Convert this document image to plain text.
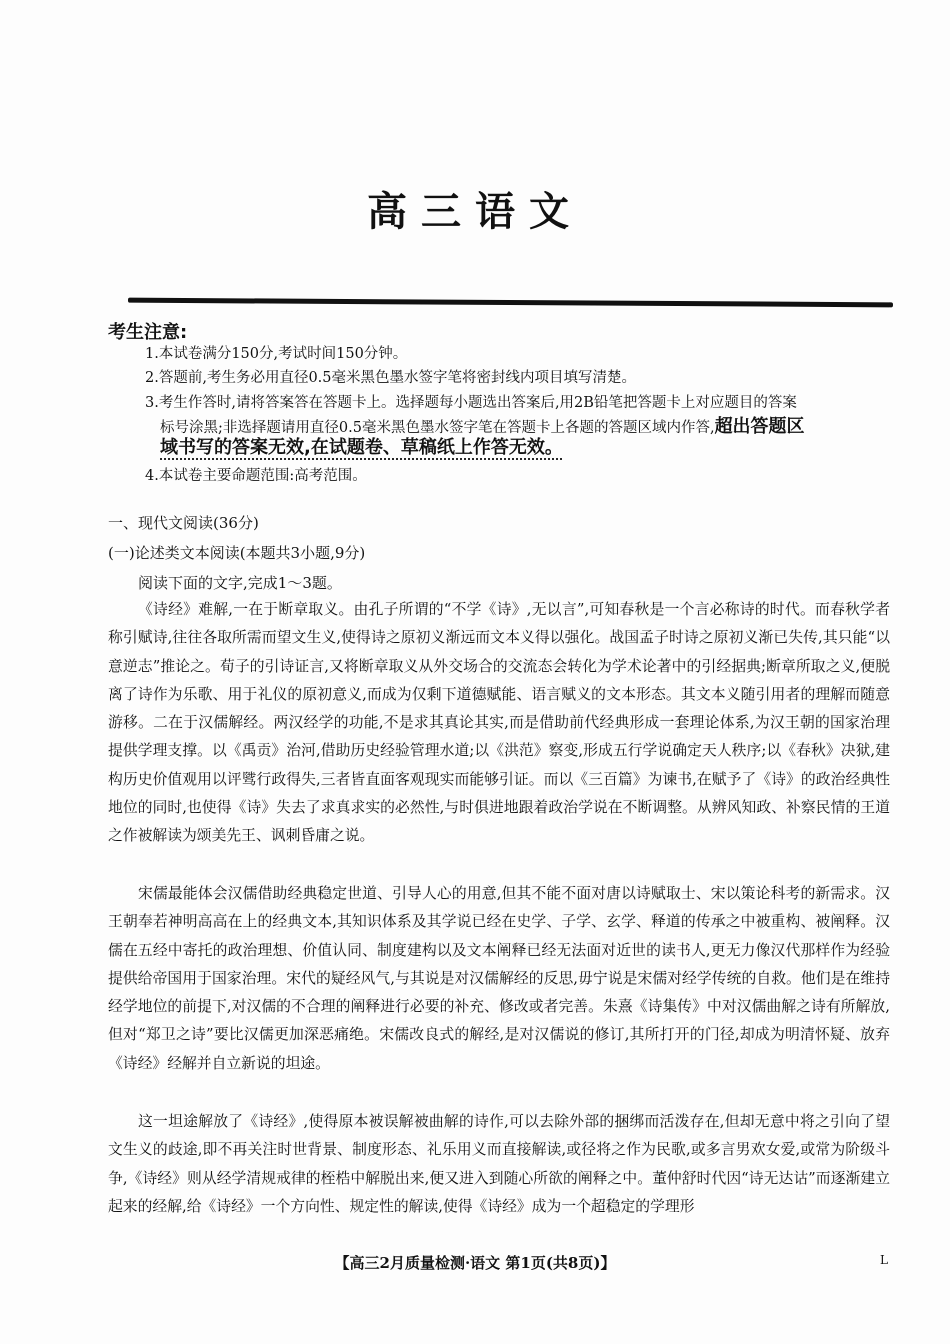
高三语文
考生注意:
1.本试卷满分150分,考试时间150分钟。
2.答题前,考生务必用直径0.5毫米黑色墨水签字笔将密封线内项目填写清楚。
3.考生作答时,请将答案答在答题卡上。选择题每小题选出答案后,用2B铅笔把答题卡上对应题目的答案
标号涂黑;非选择题请用直径0.5毫米黑色墨水签字笔在答题卡上各题的答题区域内作答,超出答题区
域书写的答案无效,在试题卷、草稿纸上作答无效。
4.本试卷主要命题范围:高考范围。
一、现代文阅读(36分)
(一)论述类文本阅读(本题共3小题,9分)
阅读下面的文字,完成1～3题。
《诗经》难解,一在于断章取义。由孔子所谓的“不学《诗》,无以言”,可知春秋是一个言必称诗的时代。而春秋学者称引赋诗,往往各取所需而望文生义,使得诗之原初义渐远而文本义得以强化。战国孟子时诗之原初义渐已失传,其只能“以意逆志”推论之。荀子的引诗证言,又将断章取义从外交场合的交流态会转化为学术论著中的引经据典;断章所取之义,便脱离了诗作为乐歌、用于礼仪的原初意义,而成为仅剩下道德赋能、语言赋义的文本形态。其文本义随引用者的理解而随意游移。二在于汉儒解经。两汉经学的功能,不是求其真论其实,而是借助前代经典形成一套理论体系,为汉王朝的国家治理提供学理支撑。以《禹贡》治河,借助历史经验管理水道;以《洪范》察变,形成五行学说确定天人秩序;以《春秋》决狱,建构历史价值观用以评骘行政得失,三者皆直面客观现实而能够引证。而以《三百篇》为谏书,在赋予了《诗》的政治经典性地位的同时,也使得《诗》失去了求真求实的必然性,与时俱进地跟着政治学说在不断调整。从辨风知政、补察民情的王道之作被解读为颂美先王、讽刺昏庸之说。
宋儒最能体会汉儒借助经典稳定世道、引导人心的用意,但其不能不面对唐以诗赋取士、宋以策论科考的新需求。汉王朝奉若神明高高在上的经典文本,其知识体系及其学说已经在史学、子学、玄学、释道的传承之中被重构、被阐释。汉儒在五经中寄托的政治理想、价值认同、制度建构以及文本阐释已经无法面对近世的读书人,更无力像汉代那样作为经验提供给帝国用于国家治理。宋代的疑经风气,与其说是对汉儒解经的反思,毋宁说是宋儒对经学传统的自救。他们是在维持经学地位的前提下,对汉儒的不合理的阐释进行必要的补充、修改或者完善。朱熹《诗集传》中对汉儒曲解之诗有所解放,但对“郑卫之诗”要比汉儒更加深恶痛绝。宋儒改良式的解经,是对汉儒说的修订,其所打开的门径,却成为明清怀疑、放弃《诗经》经解并自立新说的坦途。
这一坦途解放了《诗经》,使得原本被误解被曲解的诗作,可以去除外部的捆绑而活泼存在,但却无意中将之引向了望文生义的歧途,即不再关注时世背景、制度形态、礼乐用义而直接解读,或径将之作为民歌,或多言男欢女爱,或常为阶级斗争,《诗经》则从经学清规戒律的桎梏中解脱出来,便又进入到随心所欲的阐释之中。董仲舒时代因“诗无达诂”而逐渐建立起来的经解,给《诗经》一个方向性、规定性的解读,使得《诗经》成为一个超稳定的学理形
【高三2月质量检测·语文 第1页(共8页)】	L
